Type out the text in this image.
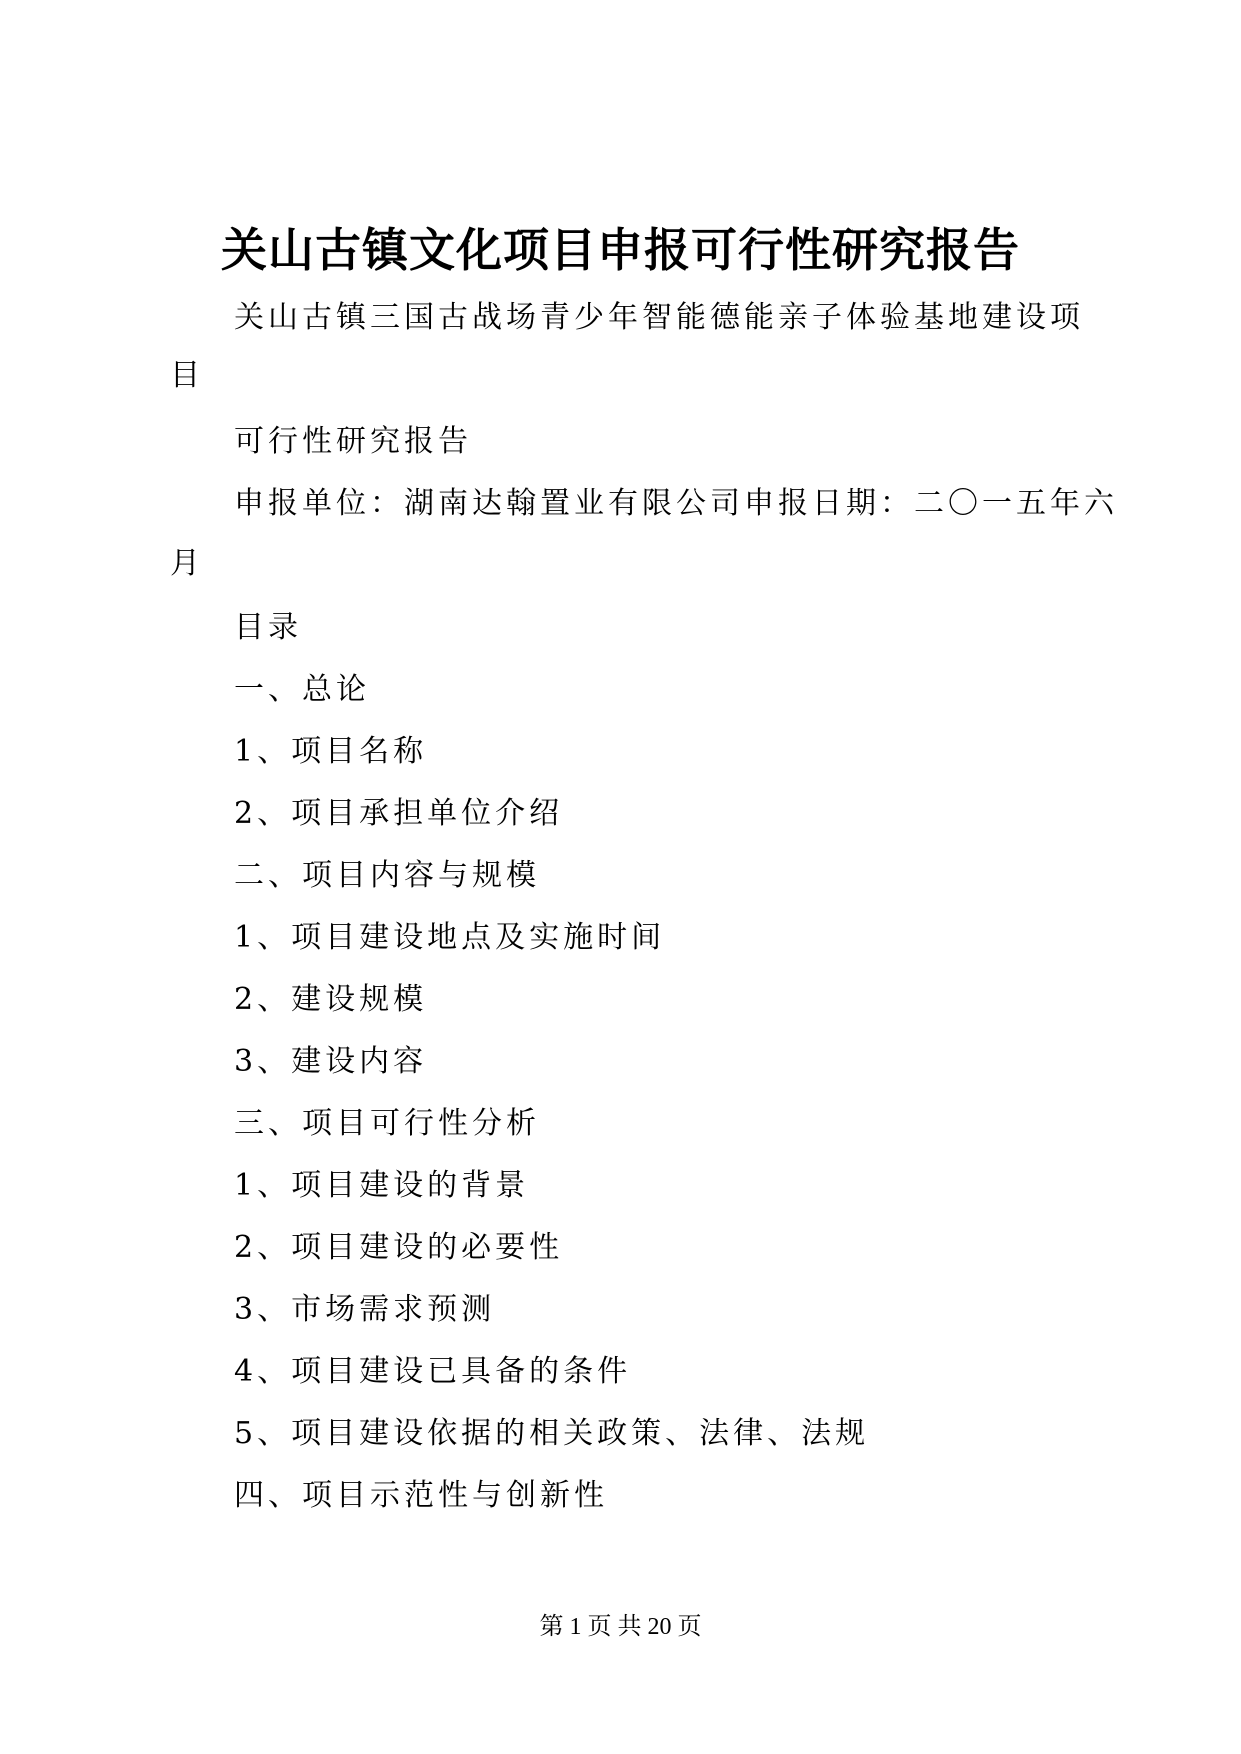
关山古镇文化项目申报可行性研究报告

关山古镇三国古战场青少年智能德能亲子体验基地建设项

目

可行性研究报告

申报单位：湖南达翰置业有限公司申报日期：二〇一五年六

月

目录

一、总论

1、项目名称

2、项目承担单位介绍

二、项目内容与规模

1、项目建设地点及实施时间

2、建设规模

3、建设内容

三、项目可行性分析

1、项目建设的背景

2、项目建设的必要性

3、市场需求预测

4、项目建设已具备的条件

5、项目建设依据的相关政策、法律、法规

四、项目示范性与创新性

第 1 页 共 20 页
